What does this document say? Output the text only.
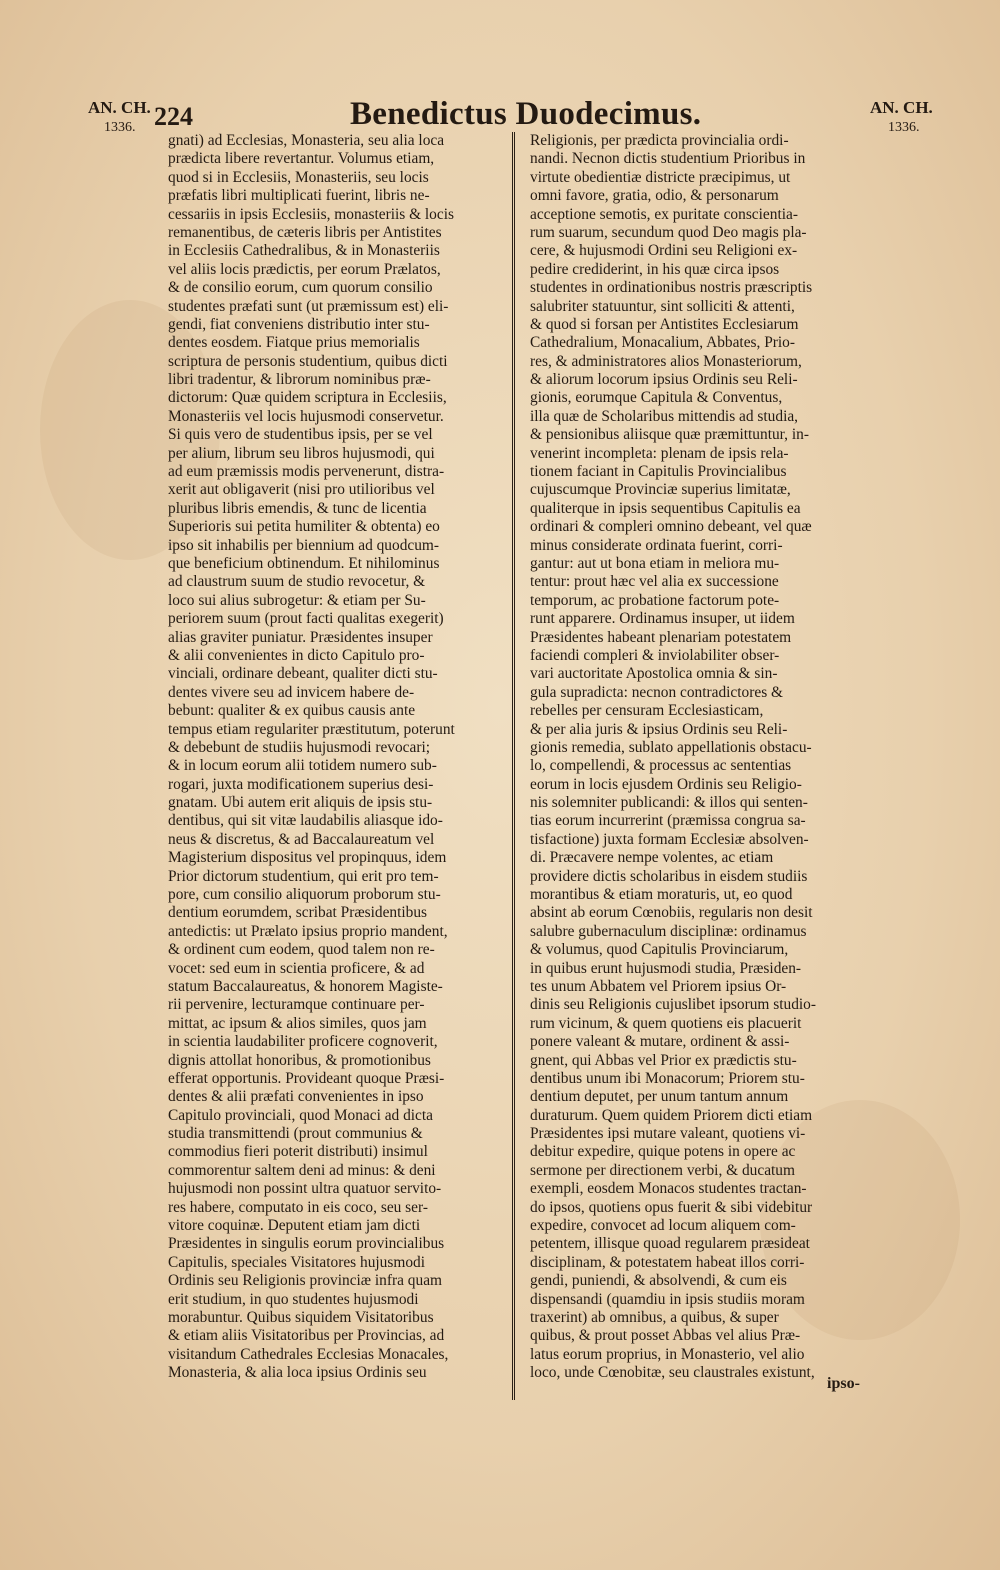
AN. CH.
1336. 224	Benedictus Duodecimus.	AN. CH.
1336.
gnati) ad Ecclesias, Monasteria, seu alia loca
prædicta libere revertantur. Volumus etiam,
quod si in Ecclesiis, Monasteriis, seu locis
præfatis libri multiplicati fuerint, libris ne-
cessariis in ipsis Ecclesiis, monasteriis & locis
remanentibus, de cæteris libris per Antistites
in Ecclesiis Cathedralibus, & in Monasteriis
vel aliis locis prædictis, per eorum Prælatos,
& de consilio eorum, cum quorum consilio
studentes præfati sunt (ut præmissum est) eli-
gendi, fiat conveniens distributio inter stu-
dentes eosdem. Fiatque prius memorialis
scriptura de personis studentium, quibus dicti
libri tradentur, & librorum nominibus præ-
dictorum: Quæ quidem scriptura in Ecclesiis,
Monasteriis vel locis hujusmodi conservetur.
Si quis vero de studentibus ipsis, per se vel
per alium, librum seu libros hujusmodi, qui
ad eum præmissis modis pervenerunt, distra-
xerit aut obligaverit (nisi pro utilioribus vel
pluribus libris emendis, & tunc de licentia
Superioris sui petita humiliter & obtenta) eo
ipso sit inhabilis per biennium ad quodcum-
que beneficium obtinendum. Et nihilominus
ad claustrum suum de studio revocetur, &
loco sui alius subrogetur: & etiam per Su-
periorem suum (prout facti qualitas exegerit)
alias graviter puniatur. Præsidentes insuper
& alii convenientes in dicto Capitulo pro-
vinciali, ordinare debeant, qualiter dicti stu-
dentes vivere seu ad invicem habere de-
bebunt: qualiter & ex quibus causis ante
tempus etiam regulariter præstitutum, poterunt
& debebunt de studiis hujusmodi revocari;
& in locum eorum alii totidem numero sub-
rogari, juxta modificationem superius desi-
gnatam. Ubi autem erit aliquis de ipsis stu-
dentibus, qui sit vitæ laudabilis aliasque ido-
neus & discretus, & ad Baccalaureatum vel
Magisterium dispositus vel propinquus, idem
Prior dictorum studentium, qui erit pro tem-
pore, cum consilio aliquorum proborum stu-
dentium eorumdem, scribat Præsidentibus
antedictis: ut Prælato ipsius proprio mandent,
& ordinent cum eodem, quod talem non re-
vocet: sed eum in scientia proficere, & ad
statum Baccalaureatus, & honorem Magiste-
rii pervenire, lecturamque continuare per-
mittat, ac ipsum & alios similes, quos jam
in scientia laudabiliter proficere cognoverit,
dignis attollat honoribus, & promotionibus
efferat opportunis. Provideant quoque Præsi-
dentes & alii præfati convenientes in ipso
Capitulo provinciali, quod Monaci ad dicta
studia transmittendi (prout communius &
commodius fieri poterit distributi) insimul
commorentur saltem deni ad minus: & deni
hujusmodi non possint ultra quatuor servito-
res habere, computato in eis coco, seu ser-
vitore coquinæ. Deputent etiam jam dicti
Præsidentes in singulis eorum provincialibus
Capitulis, speciales Visitatores hujusmodi
Ordinis seu Religionis provinciæ infra quam
erit studium, in quo studentes hujusmodi
morabuntur. Quibus siquidem Visitatoribus
& etiam aliis Visitatoribus per Provincias, ad
visitandum Cathedrales Ecclesias Monacales,
Monasteria, & alia loca ipsius Ordinis seu
Religionis, per prædicta provincialia ordi-
nandi. Necnon dictis studentium Prioribus in
virtute obedientiæ districte præcipimus, ut
omni favore, gratia, odio, & personarum
acceptione semotis, ex puritate conscientia-
rum suarum, secundum quod Deo magis pla-
cere, & hujusmodi Ordini seu Religioni ex-
pedire crediderint, in his quæ circa ipsos
studentes in ordinationibus nostris præscriptis
salubriter statuuntur, sint solliciti & attenti,
& quod si forsan per Antistites Ecclesiarum
Cathedralium, Monacalium, Abbates, Prio-
res, & administratores alios Monasteriorum,
& aliorum locorum ipsius Ordinis seu Reli-
gionis, eorumque Capitula & Conventus,
illa quæ de Scholaribus mittendis ad studia,
& pensionibus aliisque quæ præmittuntur, in-
venerint incompleta: plenam de ipsis rela-
tionem faciant in Capitulis Provincialibus
cujuscumque Provinciæ superius limitatæ,
qualiterque in ipsis sequentibus Capitulis ea
ordinari & compleri omnino debeant, vel quæ
minus considerate ordinata fuerint, corri-
gantur: aut ut bona etiam in meliora mu-
tentur: prout hæc vel alia ex successione
temporum, ac probatione factorum pote-
runt apparere. Ordinamus insuper, ut iidem
Præsidentes habeant plenariam potestatem
faciendi compleri & inviolabiliter obser-
vari auctoritate Apostolica omnia & sin-
gula supradicta: necnon contradictores &
rebelles per censuram Ecclesiasticam,
& per alia juris & ipsius Ordinis seu Reli-
gionis remedia, sublato appellationis obstacu-
lo, compellendi, & processus ac sententias
eorum in locis ejusdem Ordinis seu Religio-
nis solemniter publicandi: & illos qui senten-
tias eorum incurrerint (præmissa congrua sa-
tisfactione) juxta formam Ecclesiæ absolven-
di. Præcavere nempe volentes, ac etiam
providere dictis scholaribus in eisdem studiis
morantibus & etiam moraturis, ut, eo quod
absint ab eorum Cœnobiis, regularis non desit
salubre gubernaculum disciplinæ: ordinamus
& volumus, quod Capitulis Provinciarum,
in quibus erunt hujusmodi studia, Præsiden-
tes unum Abbatem vel Priorem ipsius Or-
dinis seu Religionis cujuslibet ipsorum studio-
rum vicinum, & quem quotiens eis placuerit
ponere valeant & mutare, ordinent & assi-
gnent, qui Abbas vel Prior ex prædictis stu-
dentibus unum ibi Monacorum; Priorem stu-
dentium deputet, per unum tantum annum
duraturum. Quem quidem Priorem dicti etiam
Præsidentes ipsi mutare valeant, quotiens vi-
debitur expedire, quique potens in opere ac
sermone per directionem verbi, & ducatum
exempli, eosdem Monacos studentes tractan-
do ipsos, quotiens opus fuerit & sibi videbitur
expedire, convocet ad locum aliquem com-
petentem, illisque quoad regularem præsideat
disciplinam, & potestatem habeat illos corri-
gendi, puniendi, & absolvendi, & cum eis
dispensandi (quamdiu in ipsis studiis moram
traxerint) ab omnibus, a quibus, & super
quibus, & prout posset Abbas vel alius Præ-
latus eorum proprius, in Monasterio, vel alio
loco, unde Cœnobitæ, seu claustrales existunt,
ipso-
